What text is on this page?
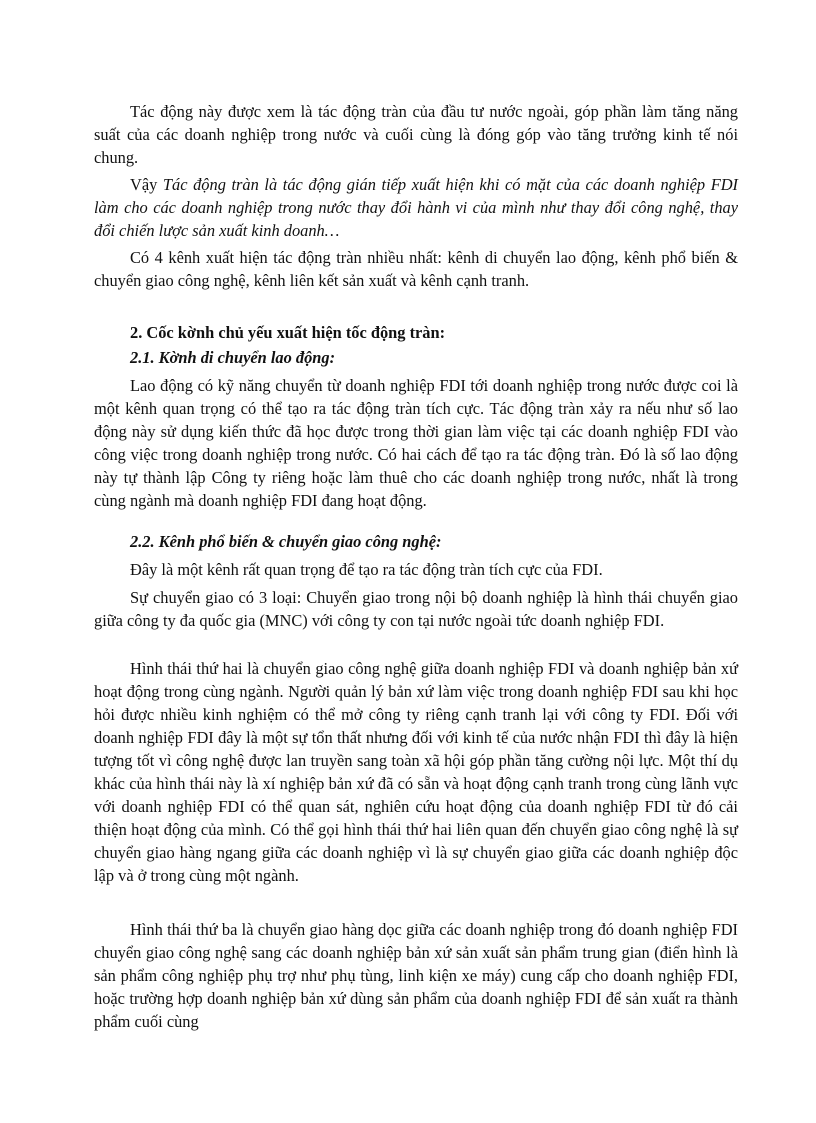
Tác động này được xem là tác động tràn của đầu tư nước ngoài, góp phần làm tăng năng suất của các doanh nghiệp trong nước và cuối cùng là đóng góp vào tăng trưởng kinh tế nói chung.

Vậy Tác động tràn là tác động gián tiếp xuất hiện khi có mặt của các doanh nghiệp FDI làm cho các doanh nghiệp trong nước thay đổi hành vi của mình như thay đổi công nghệ, thay đổi chiến lược sản xuất kinh doanh…

Có 4 kênh xuất hiện tác động tràn nhiều nhất: kênh di chuyển lao động, kênh phổ biến & chuyển giao công nghệ, kênh liên kết sản xuất và kênh cạnh tranh.

2. Cốc kờnh chủ yếu xuất hiện tốc động tràn:
2.1. Kờnh di chuyển lao động:

Lao động có kỹ năng chuyển từ doanh nghiệp FDI tới doanh nghiệp trong nước được coi là một kênh quan trọng có thể tạo ra tác động tràn tích cực. Tác động tràn xảy ra nếu như số lao động này sử dụng kiến thức đã học được trong thời gian làm việc tại các doanh nghiệp FDI vào công việc trong doanh nghiệp trong nước. Có hai cách để tạo ra tác động tràn. Đó là số lao động này tự thành lập Công ty riêng hoặc làm thuê cho các doanh nghiệp trong nước, nhất là trong cùng ngành mà doanh nghiệp FDI đang hoạt động.

2.2. Kênh phổ biến & chuyển giao công nghệ:

Đây là một kênh rất quan trọng để tạo ra tác động tràn tích cực của FDI.

Sự chuyển giao có 3 loại: Chuyển giao trong nội bộ doanh nghiệp là hình thái chuyển giao giữa công ty đa quốc gia (MNC) với công ty con tại nước ngoài tức doanh nghiệp FDI.

Hình thái thứ hai là chuyển giao công nghệ giữa doanh nghiệp FDI và doanh nghiệp bản xứ hoạt động trong cùng ngành. Người quản lý bản xứ làm việc trong doanh nghiệp FDI sau khi học hỏi được nhiều kinh nghiệm có thể mở công ty riêng cạnh tranh lại với công ty FDI. Đối với doanh nghiệp FDI đây là một sự tổn thất nhưng đối với kinh tế của nước nhận FDI thì đây là hiện tượng tốt vì công nghệ được lan truyền sang toàn xã hội góp phần tăng cường nội lực. Một thí dụ khác của hình thái này là xí nghiệp bản xứ đã có sẵn và hoạt động cạnh tranh trong cùng lãnh vực với doanh nghiệp FDI có thể quan sát, nghiên cứu hoạt động của doanh nghiệp FDI từ đó cải thiện hoạt động của mình. Có thể gọi hình thái thứ hai liên quan đến chuyển giao công nghệ là sự chuyển giao hàng ngang giữa các doanh nghiệp vì là sự chuyển giao giữa các doanh nghiệp độc lập và ở trong cùng một ngành.

Hình thái thứ ba là chuyển giao hàng dọc giữa các doanh nghiệp trong đó doanh nghiệp FDI chuyển giao công nghệ sang các doanh nghiệp bản xứ sản xuất sản phẩm trung gian (điển hình là sản phẩm công nghiệp phụ trợ như phụ tùng, linh kiện xe máy) cung cấp cho doanh nghiệp FDI, hoặc trường hợp doanh nghiệp bản xứ dùng sản phẩm của doanh nghiệp FDI để sản xuất ra thành phẩm cuối cùng
